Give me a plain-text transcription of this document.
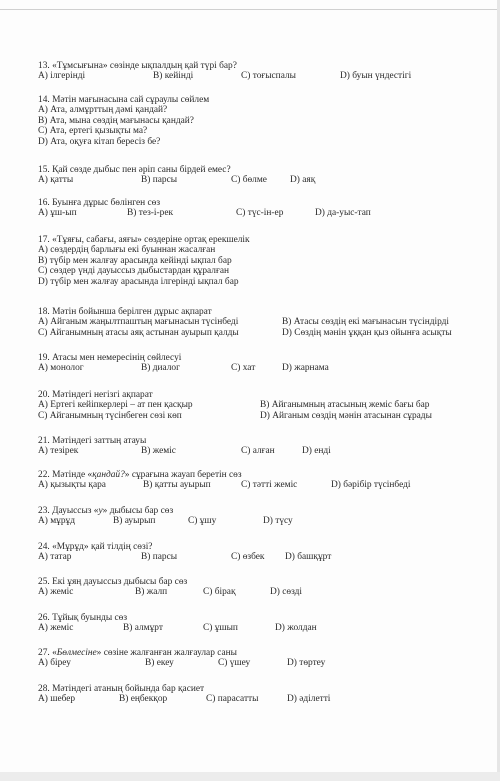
13. «Тұмсығына» сөзінде ықпалдың қай түрі бар?
A) ілгерінді	B) кейінді	C) тоғыспалы	D) буын үндестігі
14. Мәтін мағынасына сай сұраулы сөйлем
A) Ата, алмұрттың дәмі қандай?
B) Ата, мына сөздің мағынасы қандай?
C) Ата, ертегі қызықты ма?
D) Ата, оқуға кітап бересіз бе?
15. Қай сөзде дыбыс пен әріп саны бірдей емес?
A) қатты	B) парсы	C) бөлме D) аяқ
16. Буынға дұрыс бөлінген сөз
A) ұш-ып	B) тез-і-рек	C) түс-ін-ер	D) да-уыс-тап
17. «Тұяғы, сабағы, аяғы» сөздеріне ортақ ерекшелік
A) сөздердің барлығы екі буыннан жасалған
B) түбір мен жалғау арасында кейінді ықпал бар
C) сөздер үнді дауыссыз дыбыстардан құралған
D) түбір мен жалғау арасында ілгерінді ықпал бар
18. Мәтін бойынша берілген дұрыс ақпарат
A) Айганым жаңылтпаштың мағынасын түсінбеді	B) Атасы сөздің екі мағынасын түсіндірді
C) Айганымның атасы аяқ астынан ауырып қалды	D) Сөздің мәнін ұққан қыз ойынға асықты
19. Атасы мен немересінің сөйлесуі
A) монолог	B) диалог	C) хат	D) жарнама
20. Мәтіндегі негізгі ақпарат
A) Ертегі кейіпкерлері – ат пен қасқыр	B) Айганымның атасының жеміс бағы бар
C) Айганымның түсінбеген сөзі көп	D) Айганым сөздің мәнін атасынан сұрады
21. Мәтіндегі заттың атауы
A) тезірек	B) жеміс	C) алған	D) енді
22. Мәтінде «қандай?» сұрағына жауап беретін сөз
A) қызықты қара	B) қатты ауырып	C) тәтті жеміс	D) бәрібір түсінбеді
23. Дауыссыз «у» дыбысы бар сөз
A) мұрұд	B) ауырып	C) ұшу	D) түсу
24. «Мұрұд» қай тілдің сөзі?
A) татар	B) парсы	C) өзбек D) башқұрт
25. Екі ұяң дауыссыз дыбысы бар сөз
A) жеміс	B) жалп	C) бірақ	D) сөзді
26. Тұйық буынды сөз
A) жеміс	B) алмұрт	C) ұшып	D) жолдан
27. «Бөлмесіне» сөзіне жалғанған жалғаулар саны
A) біреу	B) екеу	C) үшеу	D) төртеу
28. Мәтіндегі атаның бойында бар қасиет
A) шебер	B) еңбекқор	C) парасатты	D) әділетті
